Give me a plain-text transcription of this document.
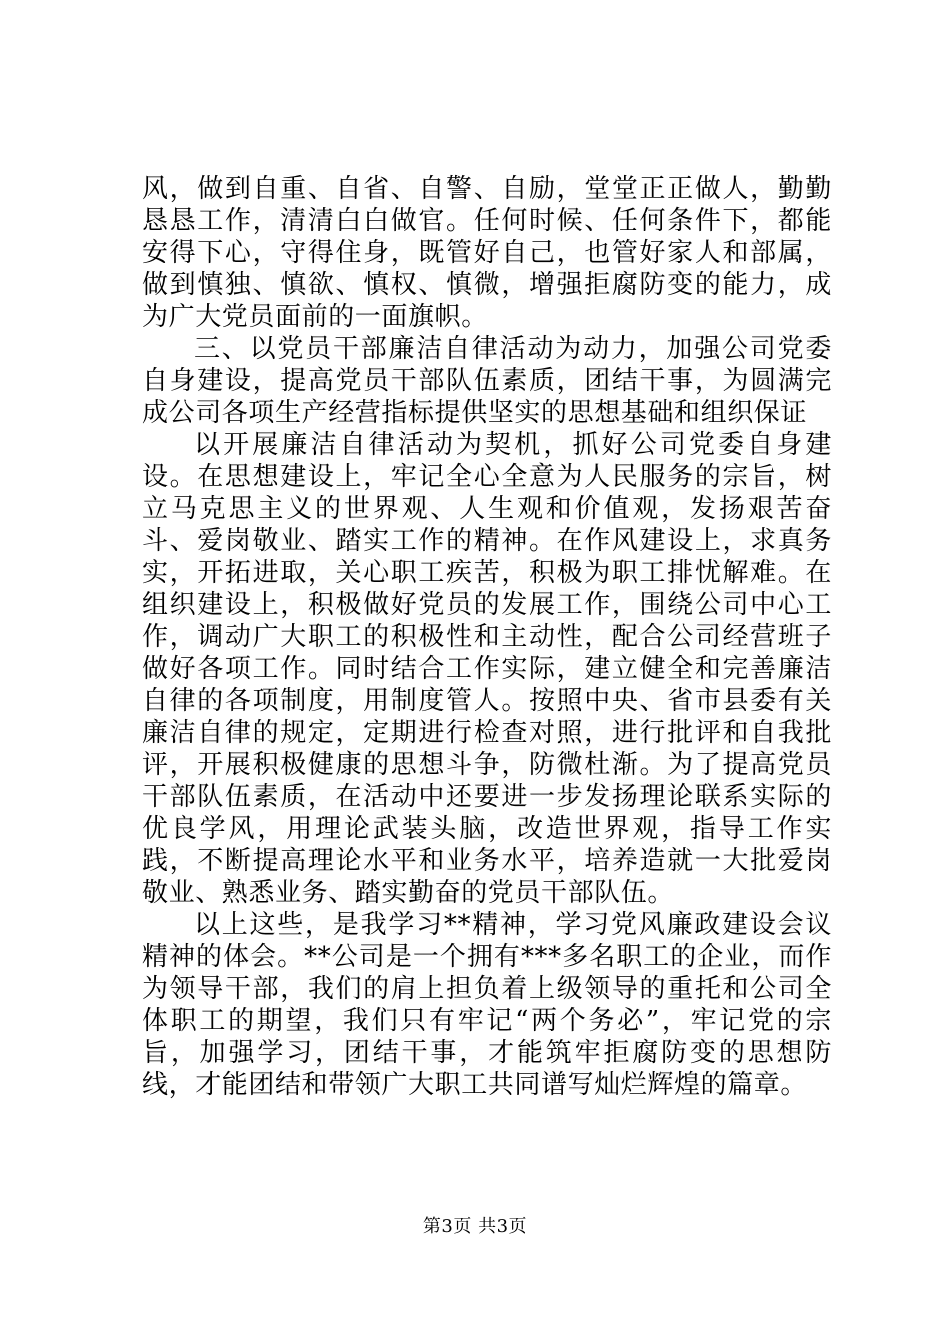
风，做到自重、自省、自警、自励，堂堂正正做人，勤勤恳恳工作，清清白白做官。任何时候、任何条件下，都能安得下心，守得住身，既管好自己，也管好家人和部属，做到慎独、慎欲、慎权、慎微，增强拒腐防变的能力，成为广大党员面前的一面旗帜。

三、以党员干部廉洁自律活动为动力，加强公司党委自身建设，提高党员干部队伍素质，团结干事，为圆满完成公司各项生产经营指标提供坚实的思想基础和组织保证

以开展廉洁自律活动为契机，抓好公司党委自身建设。在思想建设上，牢记全心全意为人民服务的宗旨，树立马克思主义的世界观、人生观和价值观，发扬艰苦奋斗、爱岗敬业、踏实工作的精神。在作风建设上，求真务实，开拓进取，关心职工疾苦，积极为职工排忧解难。在组织建设上，积极做好党员的发展工作，围绕公司中心工作，调动广大职工的积极性和主动性，配合公司经营班子做好各项工作。同时结合工作实际，建立健全和完善廉洁自律的各项制度，用制度管人。按照中央、省市县委有关廉洁自律的规定，定期进行检查对照，进行批评和自我批评，开展积极健康的思想斗争，防微杜渐。为了提高党员干部队伍素质，在活动中还要进一步发扬理论联系实际的优良学风，用理论武装头脑，改造世界观，指导工作实践，不断提高理论水平和业务水平，培养造就一大批爱岗敬业、熟悉业务、踏实勤奋的党员干部队伍。

以上这些，是我学习**精神，学习党风廉政建设会议精神的体会。**公司是一个拥有***多名职工的企业，而作为领导干部，我们的肩上担负着上级领导的重托和公司全体职工的期望，我们只有牢记“两个务必”，牢记党的宗旨，加强学习，团结干事，才能筑牢拒腐防变的思想防线，才能团结和带领广大职工共同谱写灿烂辉煌的篇章。

第3页 共3页
